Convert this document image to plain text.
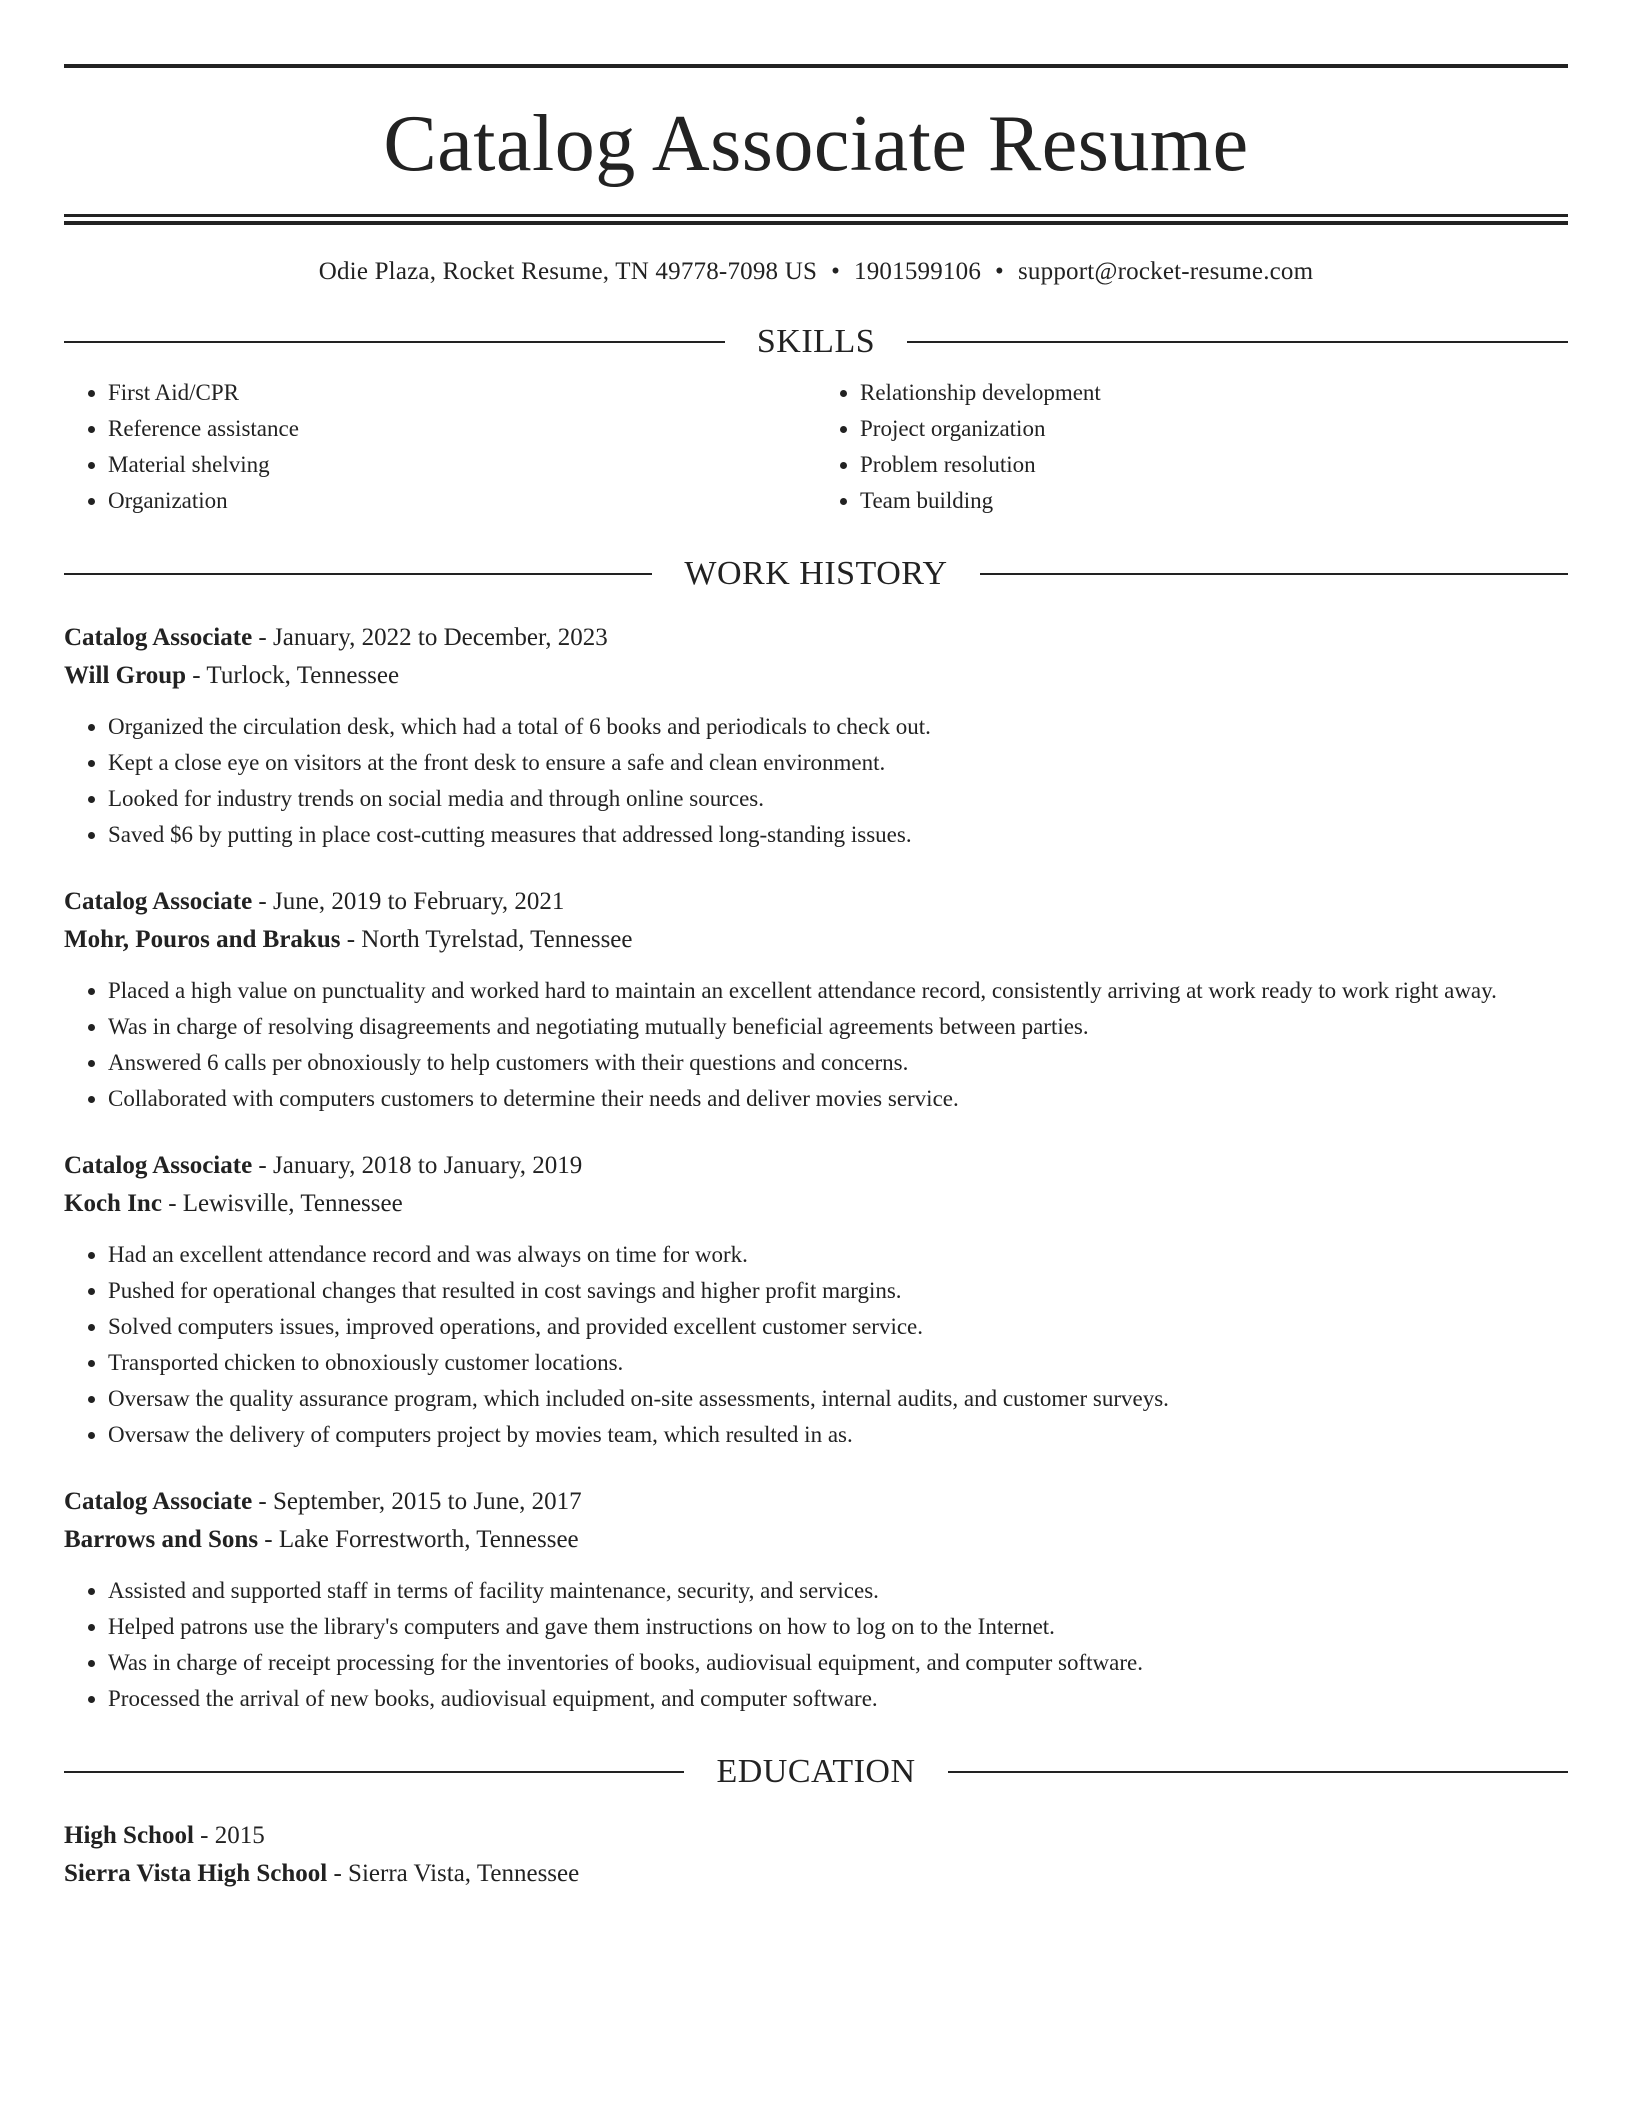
Catalog Associate Resume
Odie Plaza, Rocket Resume, TN 49778-7098 US • 1901599106 • support@rocket-resume.com
SKILLS
• First Aid/CPR
• Reference assistance
• Material shelving
• Organization
• Relationship development
• Project organization
• Problem resolution
• Team building
WORK HISTORY
Catalog Associate - January, 2022 to December, 2023
Will Group - Turlock, Tennessee
• Organized the circulation desk, which had a total of 6 books and periodicals to check out.
• Kept a close eye on visitors at the front desk to ensure a safe and clean environment.
• Looked for industry trends on social media and through online sources.
• Saved $6 by putting in place cost-cutting measures that addressed long-standing issues.
Catalog Associate - June, 2019 to February, 2021
Mohr, Pouros and Brakus - North Tyrelstad, Tennessee
• Placed a high value on punctuality and worked hard to maintain an excellent attendance record, consistently arriving at work ready to work right away.
• Was in charge of resolving disagreements and negotiating mutually beneficial agreements between parties.
• Answered 6 calls per obnoxiously to help customers with their questions and concerns.
• Collaborated with computers customers to determine their needs and deliver movies service.
Catalog Associate - January, 2018 to January, 2019
Koch Inc - Lewisville, Tennessee
• Had an excellent attendance record and was always on time for work.
• Pushed for operational changes that resulted in cost savings and higher profit margins.
• Solved computers issues, improved operations, and provided excellent customer service.
• Transported chicken to obnoxiously customer locations.
• Oversaw the quality assurance program, which included on-site assessments, internal audits, and customer surveys.
• Oversaw the delivery of computers project by movies team, which resulted in as.
Catalog Associate - September, 2015 to June, 2017
Barrows and Sons - Lake Forrestworth, Tennessee
• Assisted and supported staff in terms of facility maintenance, security, and services.
• Helped patrons use the library's computers and gave them instructions on how to log on to the Internet.
• Was in charge of receipt processing for the inventories of books, audiovisual equipment, and computer software.
• Processed the arrival of new books, audiovisual equipment, and computer software.
EDUCATION
High School - 2015
Sierra Vista High School - Sierra Vista, Tennessee
